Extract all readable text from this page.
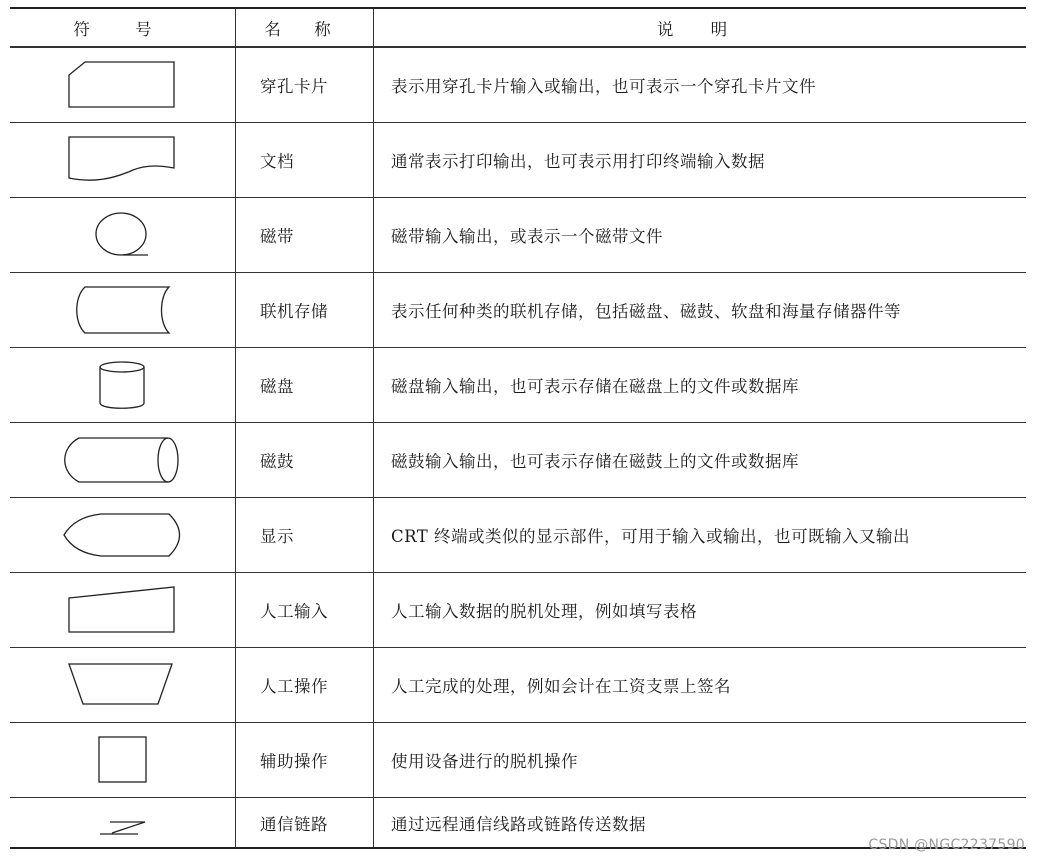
符 号	名 称	说 明
穿孔卡片	表示用穿孔卡片输入或输出，也可表示一个穿孔卡片文件
文档	通常表示打印输出，也可表示用打印终端输入数据
磁带	磁带输入输出，或表示一个磁带文件
联机存储	表示任何种类的联机存储，包括磁盘、磁鼓、软盘和海量存储器件等
磁盘	磁盘输入输出，也可表示存储在磁盘上的文件或数据库
磁鼓	磁鼓输入输出，也可表示存储在磁鼓上的文件或数据库
显示	CRT 终端或类似的显示部件，可用于输入或输出，也可既输入又输出
人工输入	人工输入数据的脱机处理，例如填写表格
人工操作	人工完成的处理，例如会计在工资支票上签名
辅助操作	使用设备进行的脱机操作
通信链路	通过远程通信线路或链路传送数据
CSDN @NGC2237590
